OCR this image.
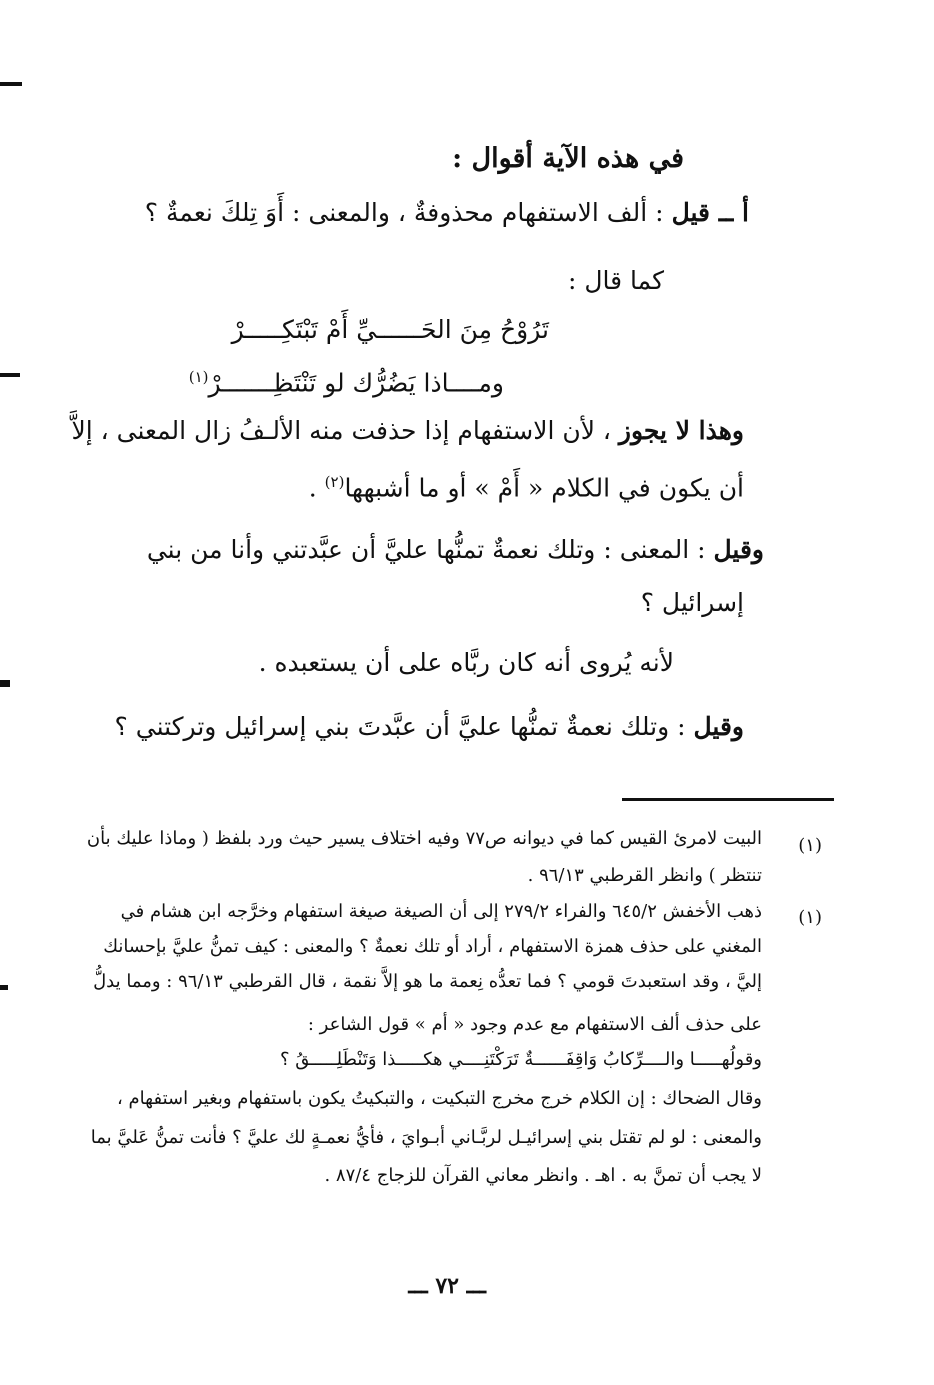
في هذه الآية أقوال :
أ ــ قيل : ألف الاستفهام محذوفةٌ ، والمعنى : أَوَ تِلكَ نعمةٌ ؟
كما قال :
تَرُوْحُ مِنَ الحَــــــيِّ أَمْ تَبْتَكِـــــرْ
ومــــاذا يَضُرُّك لو تَنْتَظِـــــــرْ$^{(١)}$
وهذا لا يجوز ، لأن الاستفهام إذا حذفت منه الألـفُ زال المعنى ، إلاَّ
أن يكون في الكلام « أَمْ » أو ما أشبهها$^{(٢)}$ .
وقيل : المعنى : وتلك نعمةٌ تمنُّها عليَّ أن عبَّدتني وأنا من بني
إسرائيل ؟
لأنه يُروى أنه كان ربَّاه على أن يستعبده .
وقيل : وتلك نعمةٌ تمنُّها عليَّ أن عبَّدتَ بني إسرائيل وتركتني ؟
(١)
البيت لامرئ القيس كما في ديوانه ص٧٧ وفيه اختلاف يسير حيث ورد بلفظ ( وماذا عليك بأن
تنتظر ) وانظر القرطبي ٩٦/١٣ .
(١)
ذهب الأخفش ٦٤٥/٢ والفراء ٢٧٩/٢ إلى أن الصيغة صيغة استفهام وخرَّجه ابن هشام في
المغني على حذف همزة الاستفهام ، أراد أو تلك نعمةٌ ؟ والمعنى : كيف تمنُّ عليَّ بإحسانك
إليَّ ، وقد استعبدتَ قومي ؟ فما تعدُّه نِعمة ما هو إلاَّ نقمة ، قال القرطبي ٩٦/١٣ : ومما يدلُّ
على حذف ألف الاستفهام مع عدم وجود « أم » قول الشاعر :
وقولُهـــــا والــــرِّكابُ وَاقِفَــــــةٌ تَرَكْتَنِــــي هكـــــذا وَتَنْطَلِـــــقُ ؟
وقال الضحاك : إن الكلام خرج مخرج التبكيت ، والتبكيتُ يكون باستفهام وبغير استفهام ،
والمعنى : لو لم تقتل بني إسرائيـل لربَّـاني أبـوايَ ، فأيُّ نعمـةٍ لك عليَّ ؟ فأنت تمنُّ عَليَّ بما
لا يجب أن تمنَّ به . اهـ . وانظر معاني القرآن للزجاج ٨٧/٤ .
ـــ ٧٢ ـــ
